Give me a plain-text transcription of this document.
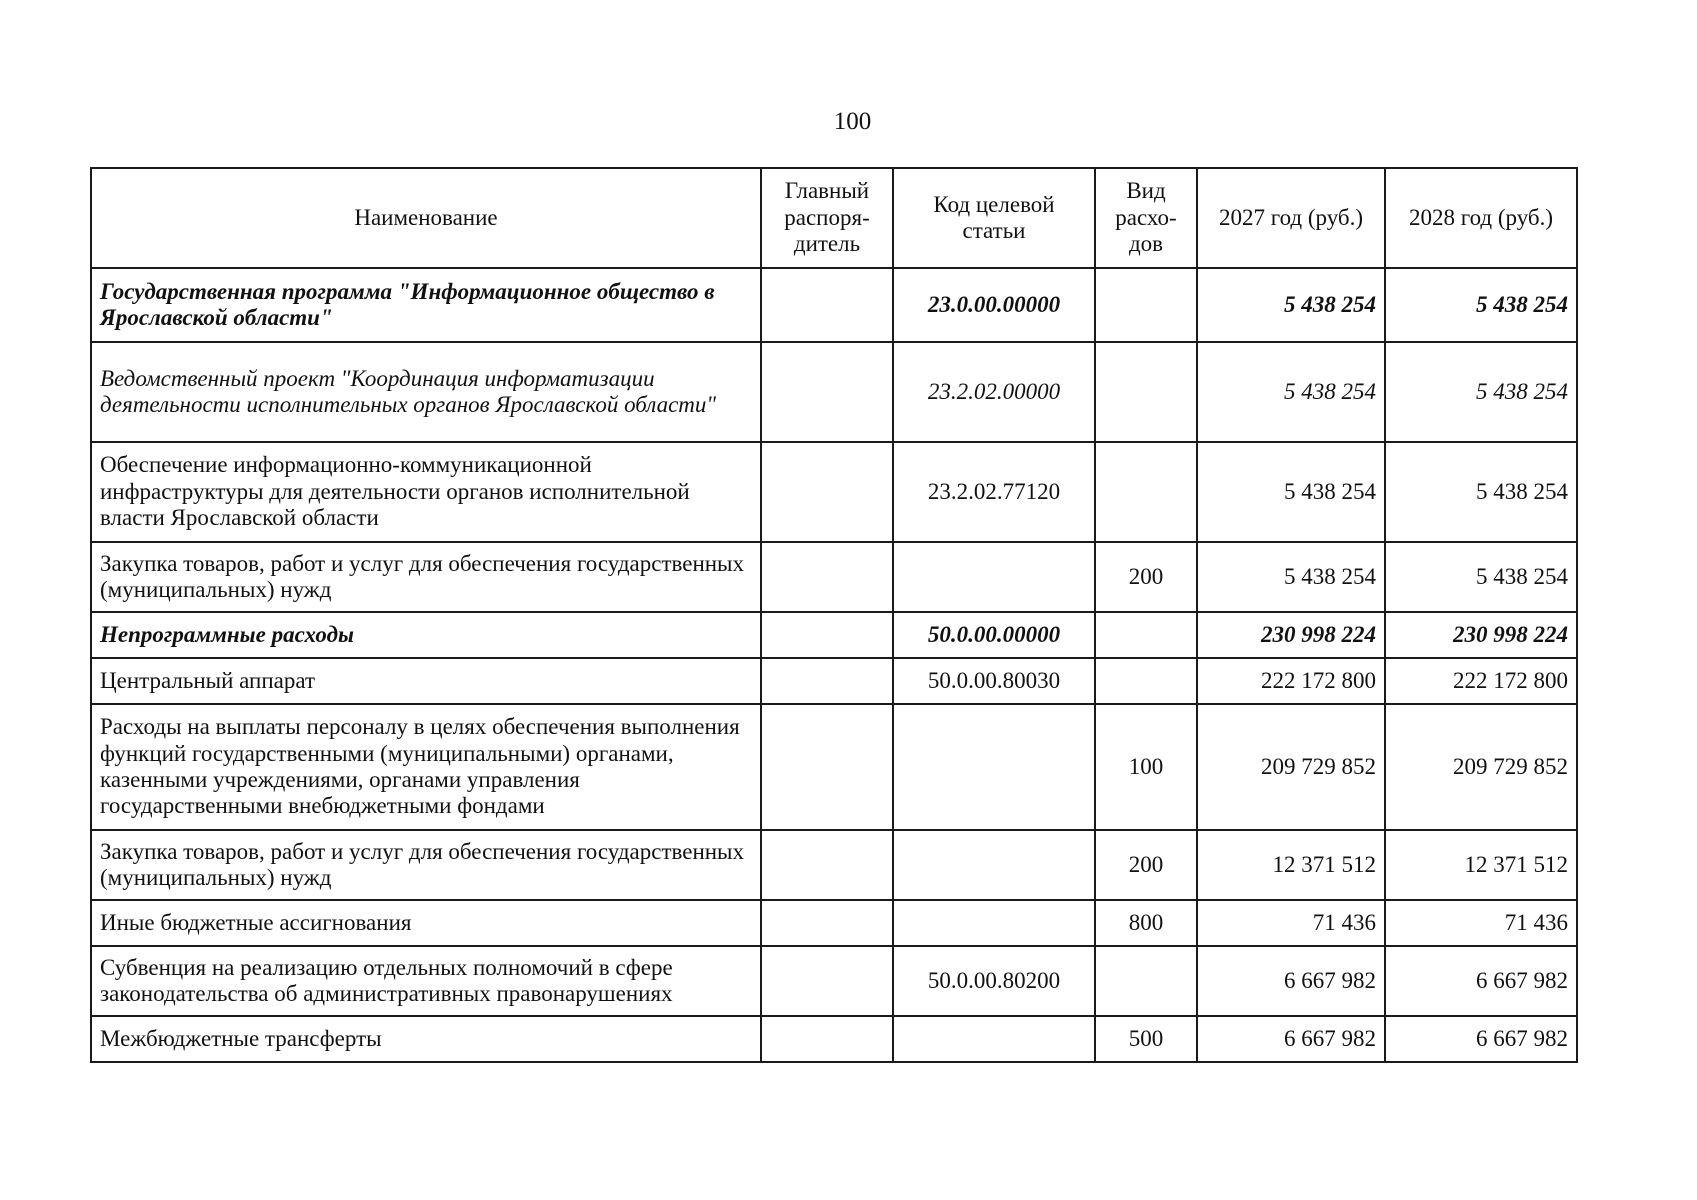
100
Наименование	Главный распоря-дитель	Код целевой статьи	Вид расхо-дов	2027 год (руб.)	2028 год (руб.)
Государственная программа "Информационное общество в Ярославской области"		23.0.00.00000		5 438 254	5 438 254
Ведомственный проект "Координация информатизации деятельности исполнительных органов Ярославской области"		23.2.02.00000		5 438 254	5 438 254
Обеспечение информационно-коммуникационной инфраструктуры для деятельности органов исполнительной власти Ярославской области		23.2.02.77120		5 438 254	5 438 254
Закупка товаров, работ и услуг для обеспечения государственных (муниципальных) нужд			200	5 438 254	5 438 254
Непрограммные расходы		50.0.00.00000		230 998 224	230 998 224
Центральный аппарат		50.0.00.80030		222 172 800	222 172 800
Расходы на выплаты персоналу в целях обеспечения выполнения функций государственными (муниципальными) органами, казенными учреждениями, органами управления государственными внебюджетными фондами			100	209 729 852	209 729 852
Закупка товаров, работ и услуг для обеспечения государственных (муниципальных) нужд			200	12 371 512	12 371 512
Иные бюджетные ассигнования			800	71 436	71 436
Субвенция на реализацию отдельных полномочий в сфере законодательства об административных правонарушениях		50.0.00.80200		6 667 982	6 667 982
Межбюджетные трансферты			500	6 667 982	6 667 982
